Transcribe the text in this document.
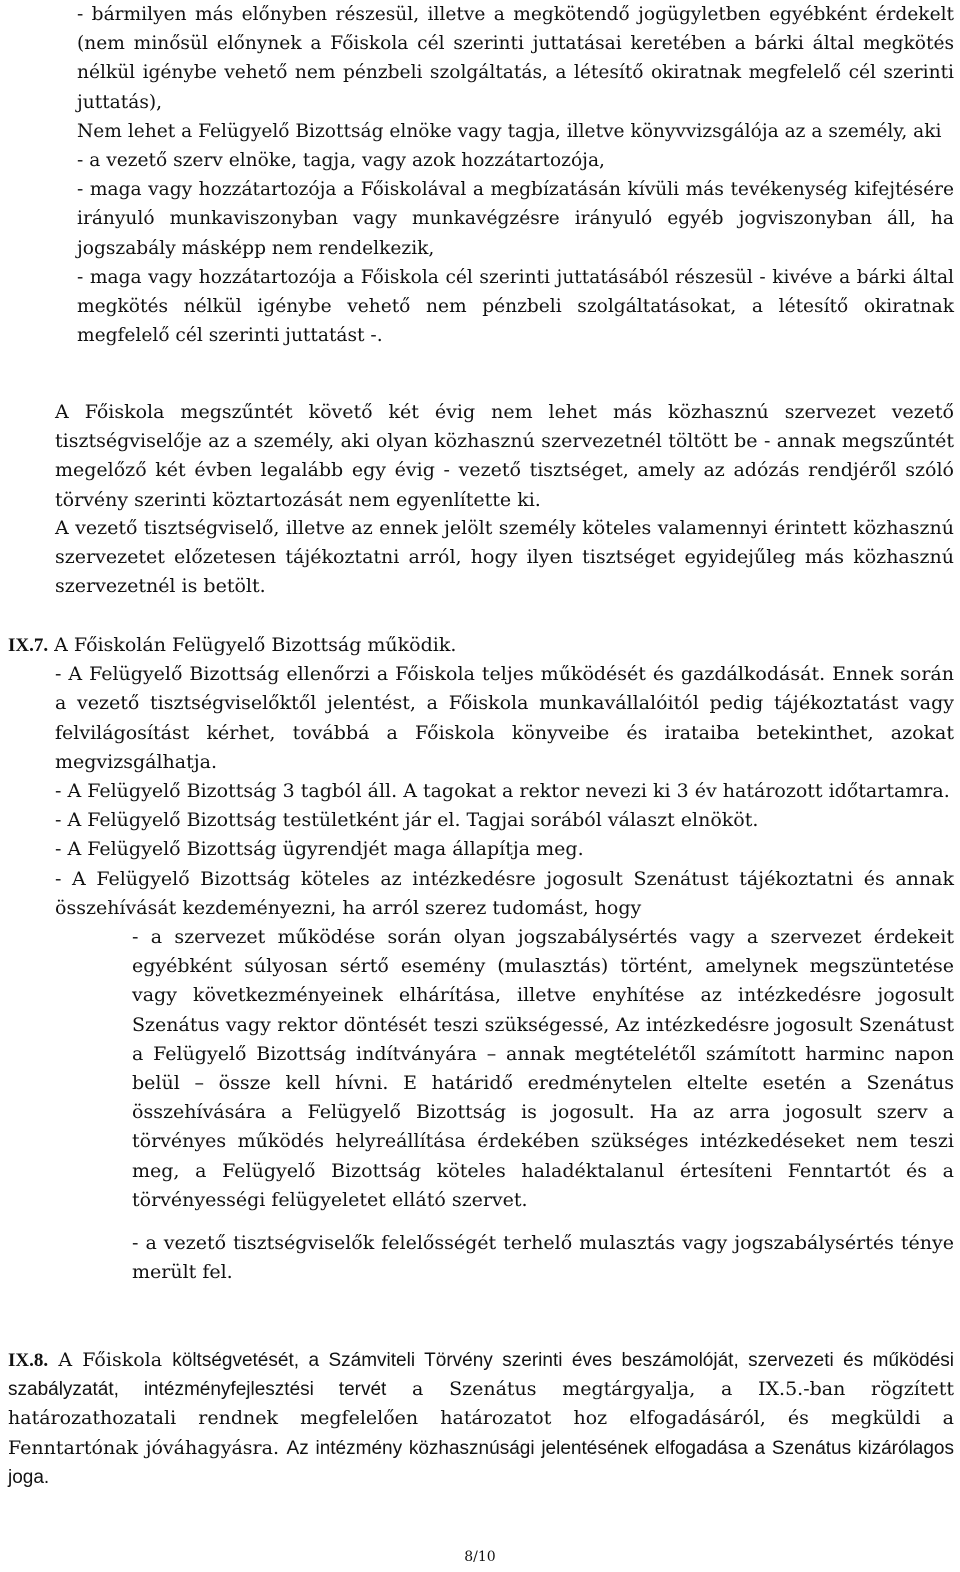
- bármilyen más előnyben részesül, illetve a megkötendő jogügyletben egyébként érdekelt (nem minősül előnynek a Főiskola cél szerinti juttatásai keretében a bárki által megkötés nélkül igénybe vehető nem pénzbeli szolgáltatás, a létesítő okiratnak megfelelő cél szerinti juttatás),

Nem lehet a Felügyelő Bizottság elnöke vagy tagja, illetve könyvvizsgálója az a személy, aki

- a vezető szerv elnöke, tagja, vagy azok hozzátartozója,

- maga vagy hozzátartozója a Főiskolával a megbízatásán kívüli más tevékenység kifejtésére irányuló munkaviszonyban vagy munkavégzésre irányuló egyéb jogviszonyban áll, ha jogszabály másképp nem rendelkezik,

- maga vagy hozzátartozója a Főiskola cél szerinti juttatásából részesül - kivéve a bárki által megkötés nélkül igénybe vehető nem pénzbeli szolgáltatásokat, a létesítő okiratnak megfelelő cél szerinti juttatást -.

A Főiskola megszűntét követő két évig nem lehet más közhasznú szervezet vezető tisztségviselője az a személy, aki olyan közhasznú szervezetnél töltött be - annak megszűntét megelőző két évben legalább egy évig - vezető tisztséget, amely az adózás rendjéről szóló törvény szerinti köztartozását nem egyenlítette ki.

A vezető tisztségviselő, illetve az ennek jelölt személy köteles valamennyi érintett közhasznú szervezetet előzetesen tájékoztatni arról, hogy ilyen tisztséget egyidejűleg más közhasznú szervezetnél is betölt.

IX.7. A Főiskolán Felügyelő Bizottság működik.

- A Felügyelő Bizottság ellenőrzi a Főiskola teljes működését és gazdálkodását. Ennek során a vezető tisztségviselőktől jelentést, a Főiskola munkavállalóitól pedig tájékoztatást vagy felvilágosítást kérhet, továbbá a Főiskola könyveibe és irataiba betekinthet, azokat megvizsgálhatja.

- A Felügyelő Bizottság 3 tagból áll. A tagokat a rektor nevezi ki 3 év határozott időtartamra.

- A Felügyelő Bizottság testületként jár el. Tagjai sorából választ elnököt.

- A Felügyelő Bizottság ügyrendjét maga állapítja meg.

- A Felügyelő Bizottság köteles az intézkedésre jogosult Szenátust tájékoztatni és annak összehívását kezdeményezni, ha arról szerez tudomást, hogy

- a szervezet működése során olyan jogszabálysértés vagy a szervezet érdekeit egyébként súlyosan sértő esemény (mulasztás) történt, amelynek megszüntetése vagy következményeinek elhárítása, illetve enyhítése az intézkedésre jogosult Szenátus vagy rektor döntését teszi szükségessé, Az intézkedésre jogosult Szenátust a Felügyelő Bizottság indítványára – annak megtételétől számított harminc napon belül – össze kell hívni. E határidő eredménytelen eltelte esetén a Szenátus összehívására a Felügyelő Bizottság is jogosult. Ha az arra jogosult szerv a törvényes működés helyreállítása érdekében szükséges intézkedéseket nem teszi meg, a Felügyelő Bizottság köteles haladéktalanul értesíteni Fenntartót és a törvényességi felügyeletet ellátó szervet.

- a vezető tisztségviselők felelősségét terhelő mulasztás vagy jogszabálysértés ténye merült fel.

IX.8. A Főiskola költségvetését, a Számviteli Törvény szerinti éves beszámolóját, szervezeti és működési szabályzatát, intézményfejlesztési tervét a Szenátus megtárgyalja, a IX.5.-ban rögzített határozathozatali rendnek megfelelően határozatot hoz elfogadásáról, és megküldi a Fenntartónak jóváhagyásra. Az intézmény közhasznúsági jelentésének elfogadása a Szenátus kizárólagos joga.

8/10
